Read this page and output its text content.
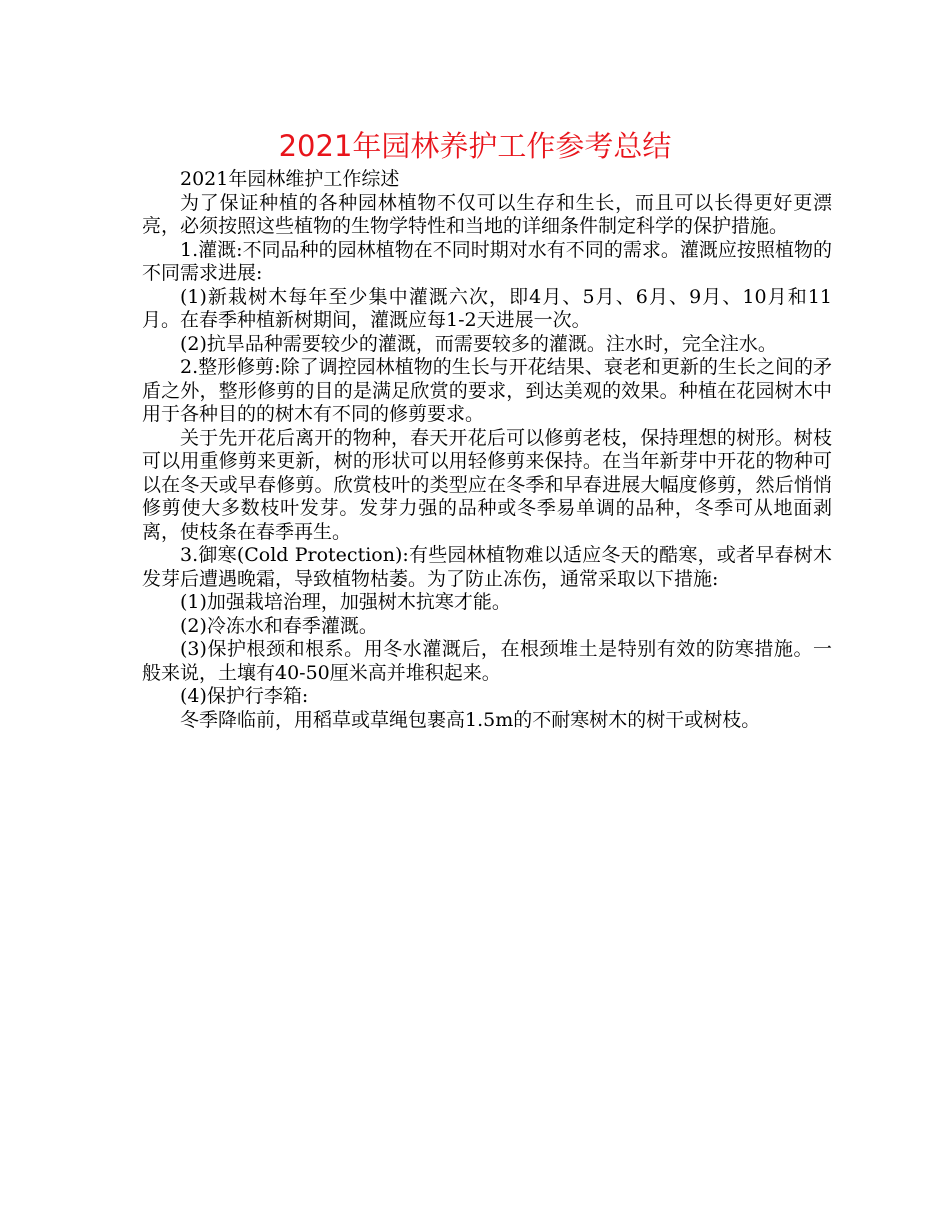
2021年园林养护工作参考总结

2021年园林维护工作综述

为了保证种植的各种园林植物不仅可以生存和生长，而且可以长得更好更漂亮，必须按照这些植物的生物学特性和当地的详细条件制定科学的保护措施。

1.灌溉:不同品种的园林植物在不同时期对水有不同的需求。灌溉应按照植物的不同需求进展:

(1)新栽树木每年至少集中灌溉六次，即4月、5月、6月、9月、10月和11月。在春季种植新树期间，灌溉应每1-2天进展一次。

(2)抗旱品种需要较少的灌溉，而需要较多的灌溉。注水时，完全注水。

2.整形修剪:除了调控园林植物的生长与开花结果、衰老和更新的生长之间的矛盾之外，整形修剪的目的是满足欣赏的要求，到达美观的效果。种植在花园树木中用于各种目的的树木有不同的修剪要求。

关于先开花后离开的物种，春天开花后可以修剪老枝，保持理想的树形。树枝可以用重修剪来更新，树的形状可以用轻修剪来保持。在当年新芽中开花的物种可以在冬天或早春修剪。欣赏枝叶的类型应在冬季和早春进展大幅度修剪，然后悄悄修剪使大多数枝叶发芽。发芽力强的品种或冬季易单调的品种，冬季可从地面剥离，使枝条在春季再生。

3.御寒(Cold Protection):有些园林植物难以适应冬天的酷寒，或者早春树木发芽后遭遇晚霜，导致植物枯萎。为了防止冻伤，通常采取以下措施:

(1)加强栽培治理，加强树木抗寒才能。

(2)冷冻水和春季灌溉。

(3)保护根颈和根系。用冬水灌溉后，在根颈堆土是特别有效的防寒措施。一般来说，土壤有40-50厘米高并堆积起来。

(4)保护行李箱:

冬季降临前，用稻草或草绳包裹高1.5m的不耐寒树木的树干或树枝。
